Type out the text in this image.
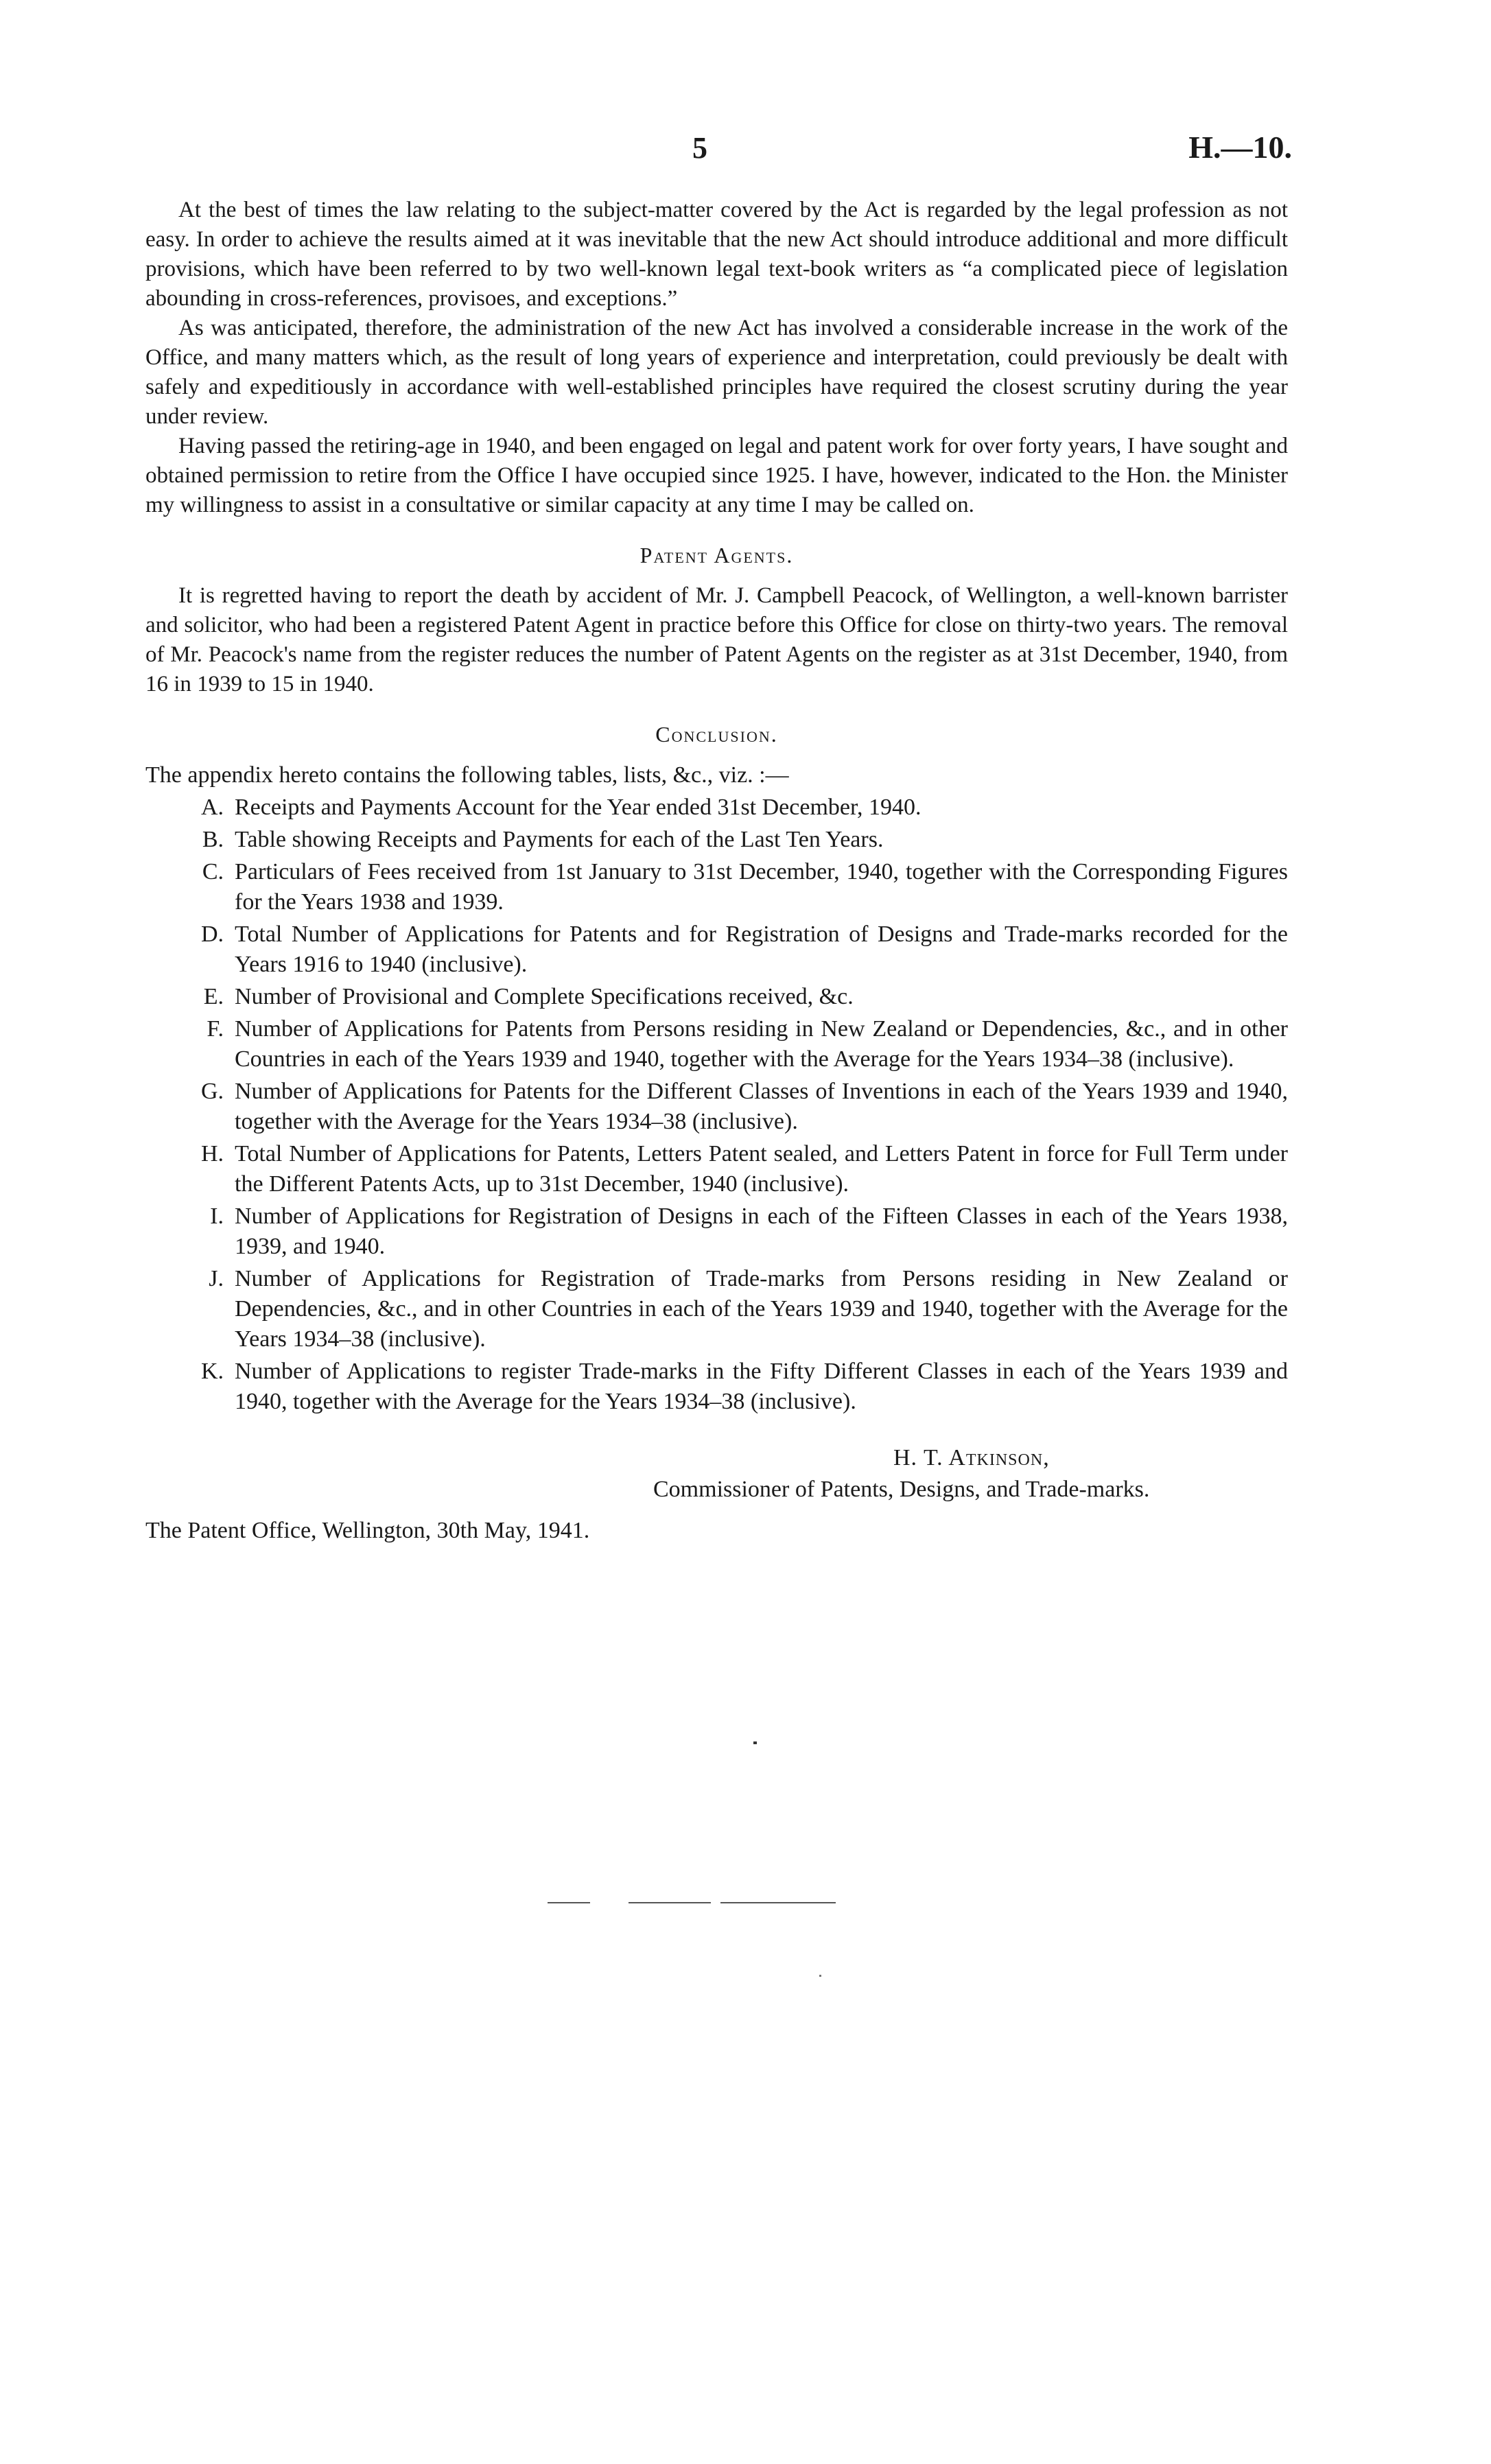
5	H.—10.

At the best of times the law relating to the subject-matter covered by the Act is regarded by the legal profession as not easy. In order to achieve the results aimed at it was inevitable that the new Act should introduce additional and more difficult provisions, which have been referred to by two well-known legal text-book writers as “a complicated piece of legislation abounding in cross-references, provisoes, and exceptions.”

As was anticipated, therefore, the administration of the new Act has involved a considerable increase in the work of the Office, and many matters which, as the result of long years of experience and interpretation, could previously be dealt with safely and expeditiously in accordance with well-established principles have required the closest scrutiny during the year under review.

Having passed the retiring-age in 1940, and been engaged on legal and patent work for over forty years, I have sought and obtained permission to retire from the Office I have occupied since 1925. I have, however, indicated to the Hon. the Minister my willingness to assist in a consultative or similar capacity at any time I may be called on.

Patent Agents.

It is regretted having to report the death by accident of Mr. J. Campbell Peacock, of Wellington, a well-known barrister and solicitor, who had been a registered Patent Agent in practice before this Office for close on thirty-two years. The removal of Mr. Peacock's name from the register reduces the number of Patent Agents on the register as at 31st December, 1940, from 16 in 1939 to 15 in 1940.

Conclusion.

The appendix hereto contains the following tables, lists, &c., viz. :—

A. Receipts and Payments Account for the Year ended 31st December, 1940.
B. Table showing Receipts and Payments for each of the Last Ten Years.
C. Particulars of Fees received from 1st January to 31st December, 1940, together with the Corresponding Figures for the Years 1938 and 1939.
D. Total Number of Applications for Patents and for Registration of Designs and Trade-marks recorded for the Years 1916 to 1940 (inclusive).
E. Number of Provisional and Complete Specifications received, &c.
F. Number of Applications for Patents from Persons residing in New Zealand or Dependencies, &c., and in other Countries in each of the Years 1939 and 1940, together with the Average for the Years 1934–38 (inclusive).
G. Number of Applications for Patents for the Different Classes of Inventions in each of the Years 1939 and 1940, together with the Average for the Years 1934–38 (inclusive).
H. Total Number of Applications for Patents, Letters Patent sealed, and Letters Patent in force for Full Term under the Different Patents Acts, up to 31st December, 1940 (inclusive).
I. Number of Applications for Registration of Designs in each of the Fifteen Classes in each of the Years 1938, 1939, and 1940.
J. Number of Applications for Registration of Trade-marks from Persons residing in New Zealand or Dependencies, &c., and in other Countries in each of the Years 1939 and 1940, together with the Average for the Years 1934–38 (inclusive).
K. Number of Applications to register Trade-marks in the Fifty Different Classes in each of the Years 1939 and 1940, together with the Average for the Years 1934–38 (inclusive).
H. T. Atkinson,
Commissioner of Patents, Designs, and Trade-marks.
The Patent Office, Wellington, 30th May, 1941.
